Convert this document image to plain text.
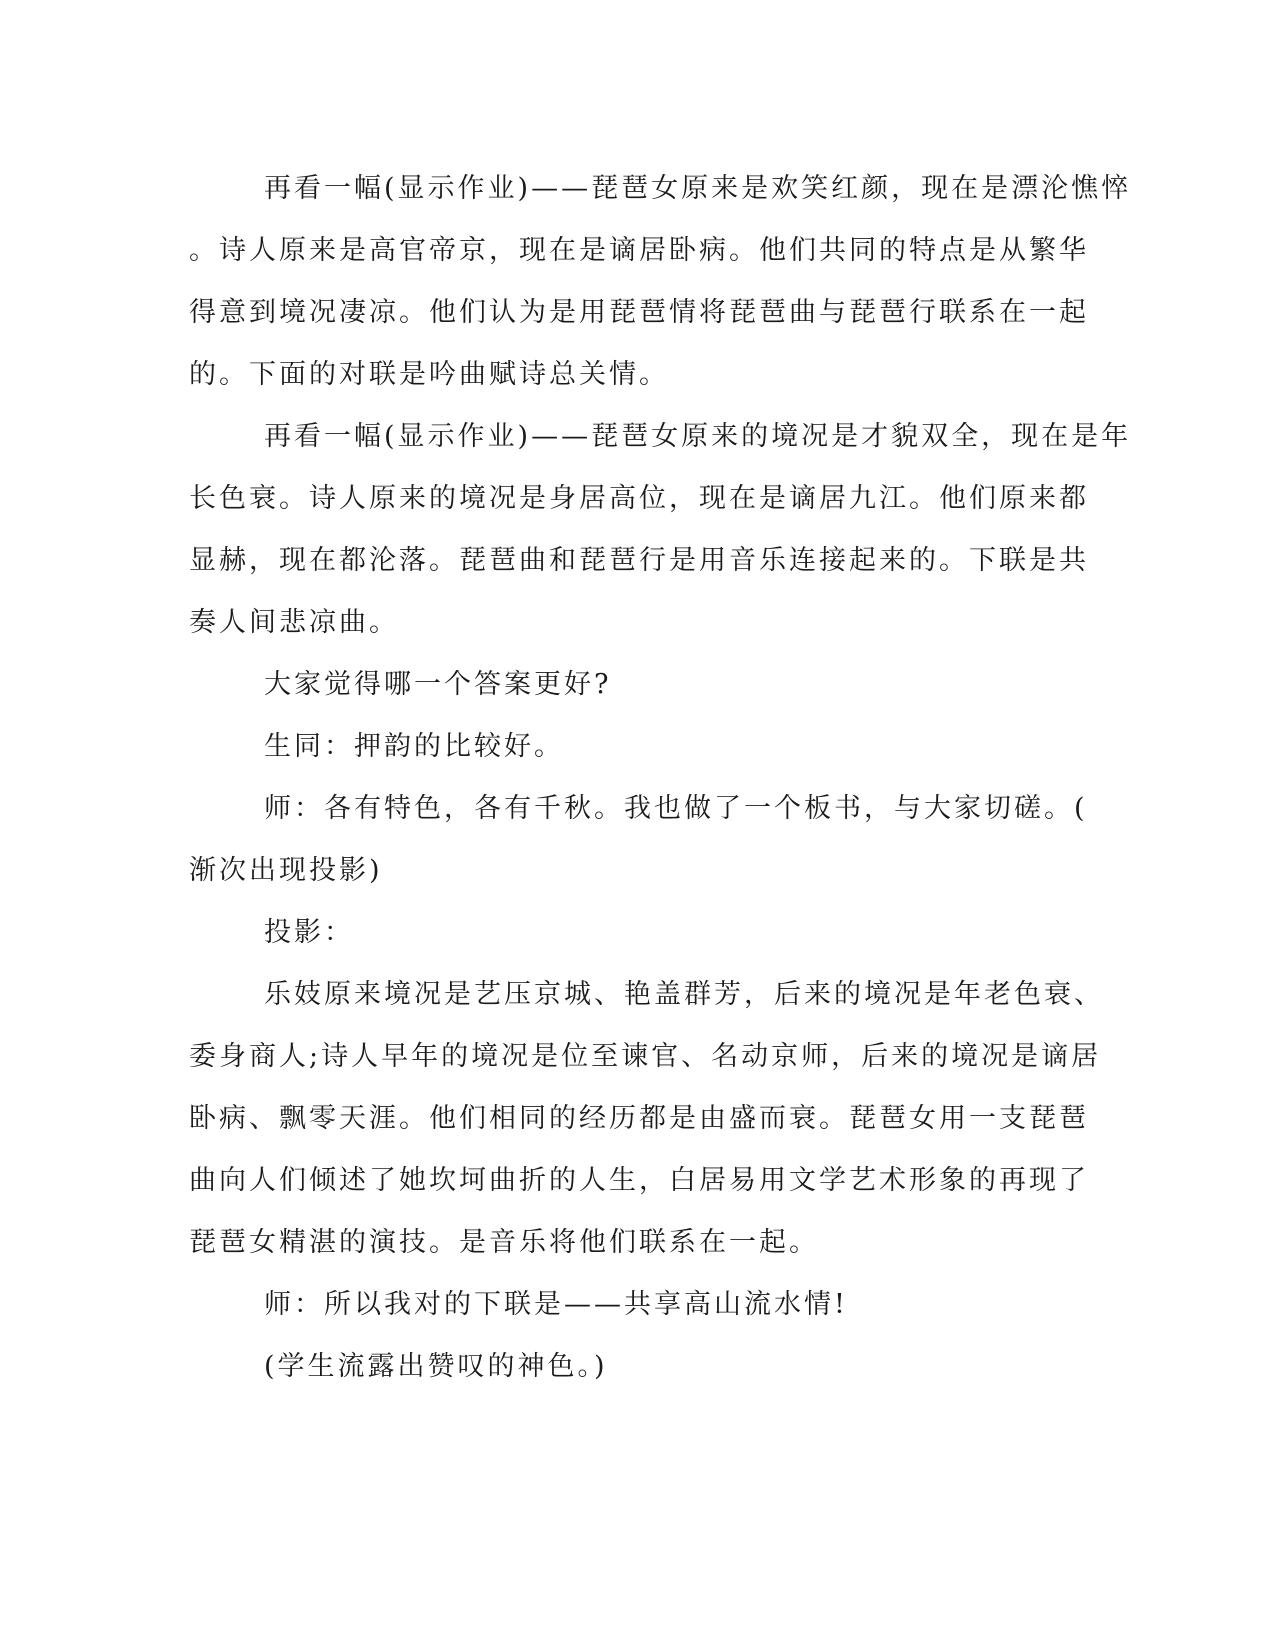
再看一幅(显示作业)——琵琶女原来是欢笑红颜，现在是漂沦憔悴
。诗人原来是高官帝京，现在是谪居卧病。他们共同的特点是从繁华
得意到境况凄凉。他们认为是用琵琶情将琵琶曲与琵琶行联系在一起
的。下面的对联是吟曲赋诗总关情。
再看一幅(显示作业)——琵琶女原来的境况是才貌双全，现在是年
长色衰。诗人原来的境况是身居高位，现在是谪居九江。他们原来都
显赫，现在都沦落。琵琶曲和琵琶行是用音乐连接起来的。下联是共
奏人间悲凉曲。
大家觉得哪一个答案更好?
生同：押韵的比较好。
师：各有特色，各有千秋。我也做了一个板书，与大家切磋。(
渐次出现投影)
投影：
乐妓原来境况是艺压京城、艳盖群芳，后来的境况是年老色衰、
委身商人;诗人早年的境况是位至谏官、名动京师，后来的境况是谪居
卧病、飘零天涯。他们相同的经历都是由盛而衰。琵琶女用一支琵琶
曲向人们倾述了她坎坷曲折的人生，白居易用文学艺术形象的再现了
琵琶女精湛的演技。是音乐将他们联系在一起。
师：所以我对的下联是——共享高山流水情!
(学生流露出赞叹的神色。)
